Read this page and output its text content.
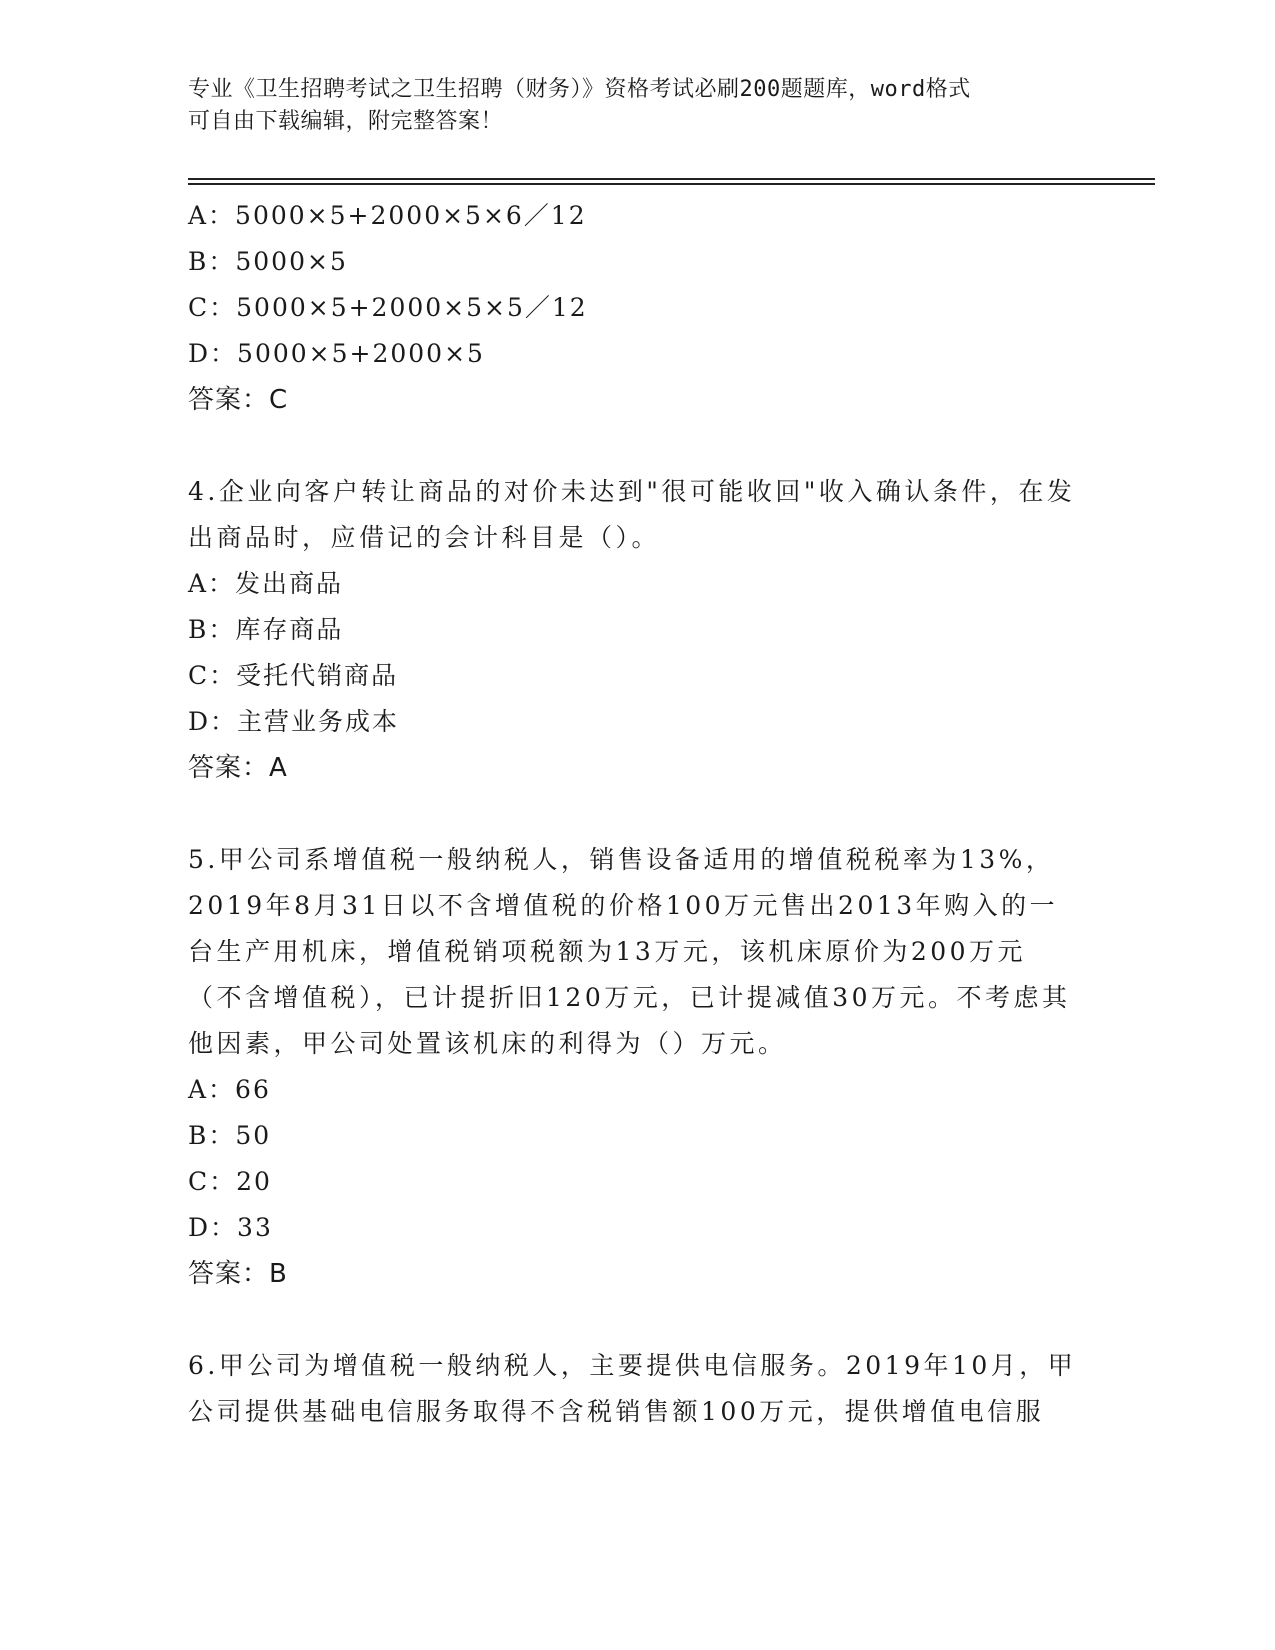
专业《卫生招聘考试之卫生招聘（财务）》资格考试必刷200题题库，word格式
可自由下载编辑，附完整答案！
A：5000×5+2000×5×6／12
B：5000×5
C：5000×5+2000×5×5／12
D：5000×5+2000×5
答案：C
4.企业向客户转让商品的对价未达到"很可能收回"收入确认条件，在发出商品时，应借记的会计科目是（）。
A：发出商品
B：库存商品
C：受托代销商品
D：主营业务成本
答案：A
5.甲公司系增值税一般纳税人，销售设备适用的增值税税率为13%，2019年8月31日以不含增值税的价格100万元售出2013年购入的一台生产用机床，增值税销项税额为13万元，该机床原价为200万元（不含增值税），已计提折旧120万元，已计提减值30万元。不考虑其他因素，甲公司处置该机床的利得为（）万元。
A：66
B：50
C：20
D：33
答案：B
6.甲公司为增值税一般纳税人，主要提供电信服务。2019年10月，甲公司提供基础电信服务取得不含税销售额100万元，提供增值电信服
